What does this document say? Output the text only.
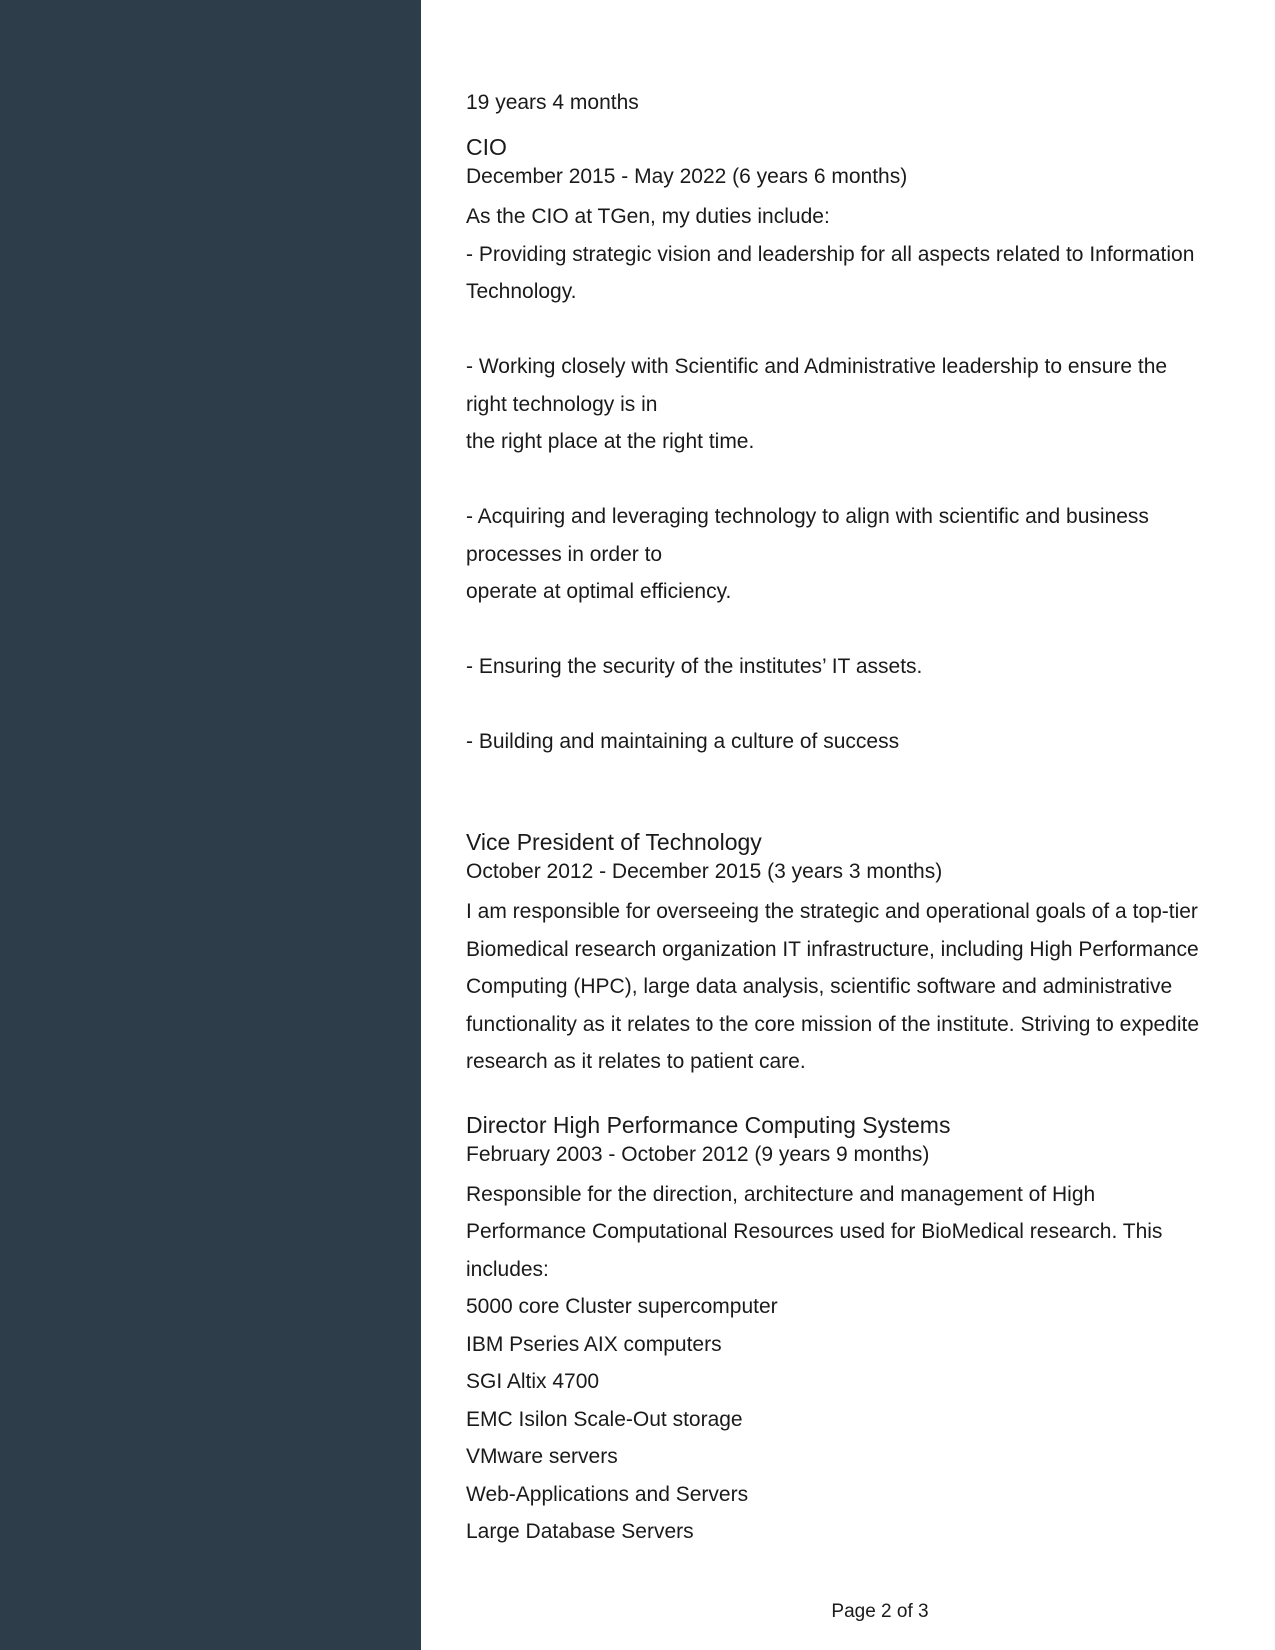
19 years 4 months
CIO
December 2015 - May 2022 (6 years 6 months)
As the CIO at TGen, my duties include:
- Providing strategic vision and leadership for all aspects related to Information
Technology.
- Working closely with Scientific and Administrative leadership to ensure the
right technology is in
the right place at the right time.
- Acquiring and leveraging technology to align with scientific and business
processes in order to
operate at optimal efficiency.
- Ensuring the security of the institutes’ IT assets.
- Building and maintaining a culture of success
Vice President of Technology
October 2012 - December 2015 (3 years 3 months)
I am responsible for overseeing the strategic and operational goals of a top-tier
Biomedical research organization IT infrastructure, including High Performance
Computing (HPC), large data analysis, scientific software and administrative
functionality as it relates to the core mission of the institute. Striving to expedite
research as it relates to patient care.
Director High Performance Computing Systems
February 2003 - October 2012 (9 years 9 months)
Responsible for the direction, architecture and management of High
Performance Computational Resources used for BioMedical research. This
includes:
5000 core Cluster supercomputer
IBM Pseries AIX computers
SGI Altix 4700
EMC Isilon Scale-Out storage
VMware servers
Web-Applications and Servers
Large Database Servers
Page 2 of 3
